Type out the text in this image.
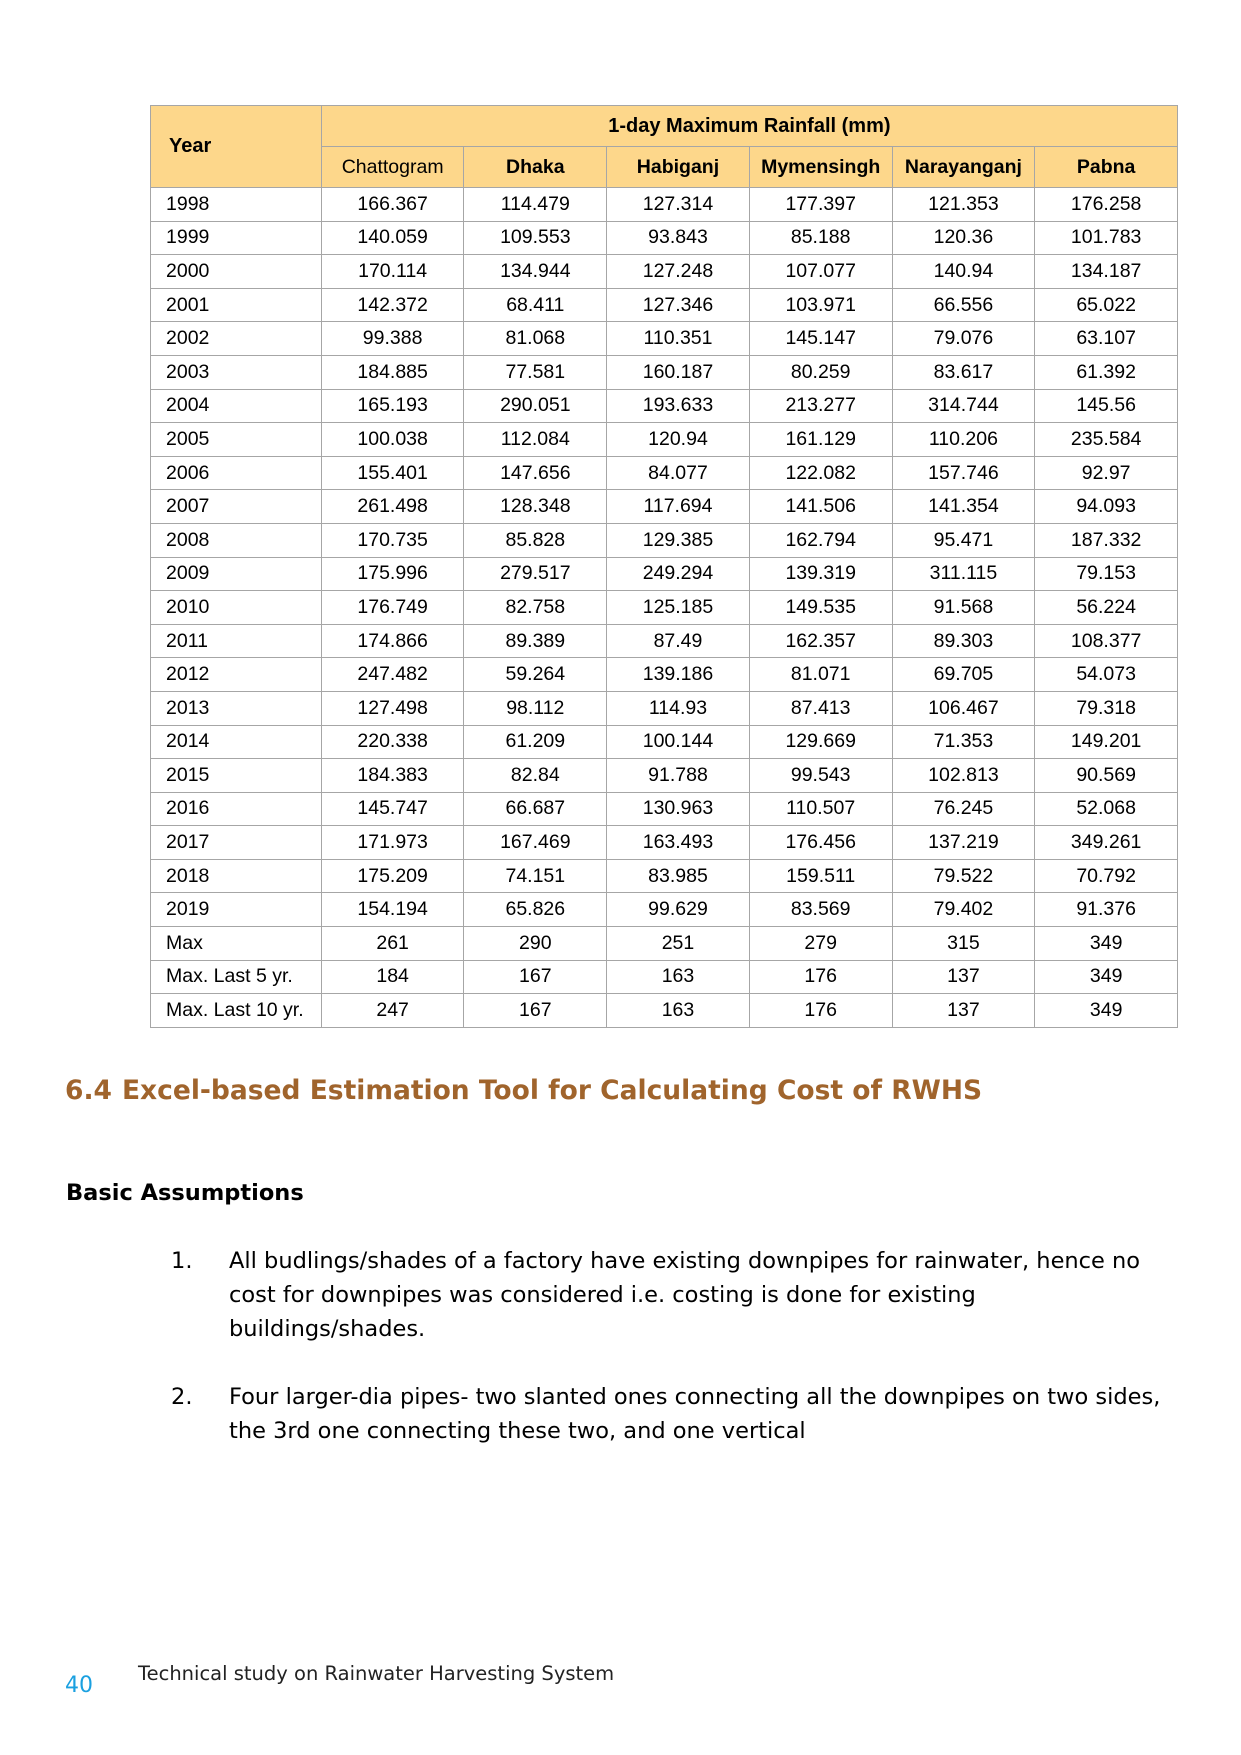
Year	1-day Maximum Rainfall (mm)					
	Chattogram	Dhaka	Habiganj	Mymensingh	Narayanganj	Pabna
1998	166.367	114.479	127.314	177.397	121.353	176.258
1999	140.059	109.553	93.843	85.188	120.36	101.783
2000	170.114	134.944	127.248	107.077	140.94	134.187
2001	142.372	68.411	127.346	103.971	66.556	65.022
2002	99.388	81.068	110.351	145.147	79.076	63.107
2003	184.885	77.581	160.187	80.259	83.617	61.392
2004	165.193	290.051	193.633	213.277	314.744	145.56
2005	100.038	112.084	120.94	161.129	110.206	235.584
2006	155.401	147.656	84.077	122.082	157.746	92.97
2007	261.498	128.348	117.694	141.506	141.354	94.093
2008	170.735	85.828	129.385	162.794	95.471	187.332
2009	175.996	279.517	249.294	139.319	311.115	79.153
2010	176.749	82.758	125.185	149.535	91.568	56.224
2011	174.866	89.389	87.49	162.357	89.303	108.377
2012	247.482	59.264	139.186	81.071	69.705	54.073
2013	127.498	98.112	114.93	87.413	106.467	79.318
2014	220.338	61.209	100.144	129.669	71.353	149.201
2015	184.383	82.84	91.788	99.543	102.813	90.569
2016	145.747	66.687	130.963	110.507	76.245	52.068
2017	171.973	167.469	163.493	176.456	137.219	349.261
2018	175.209	74.151	83.985	159.511	79.522	70.792
2019	154.194	65.826	99.629	83.569	79.402	91.376
Max	261	290	251	279	315	349
Max. Last 5 yr.	184	167	163	176	137	349
Max. Last 10 yr.	247	167	163	176	137	349
6.4 Excel-based Estimation Tool for Calculating Cost of RWHS
Basic Assumptions
1. All budlings/shades of a factory have existing downpipes for rainwater, hence no cost for downpipes was considered i.e. costing is done for existing buildings/shades.
2. Four larger-dia pipes- two slanted ones connecting all the downpipes on two sides, the 3rd one connecting these two, and one vertical
40 Technical study on Rainwater Harvesting System
